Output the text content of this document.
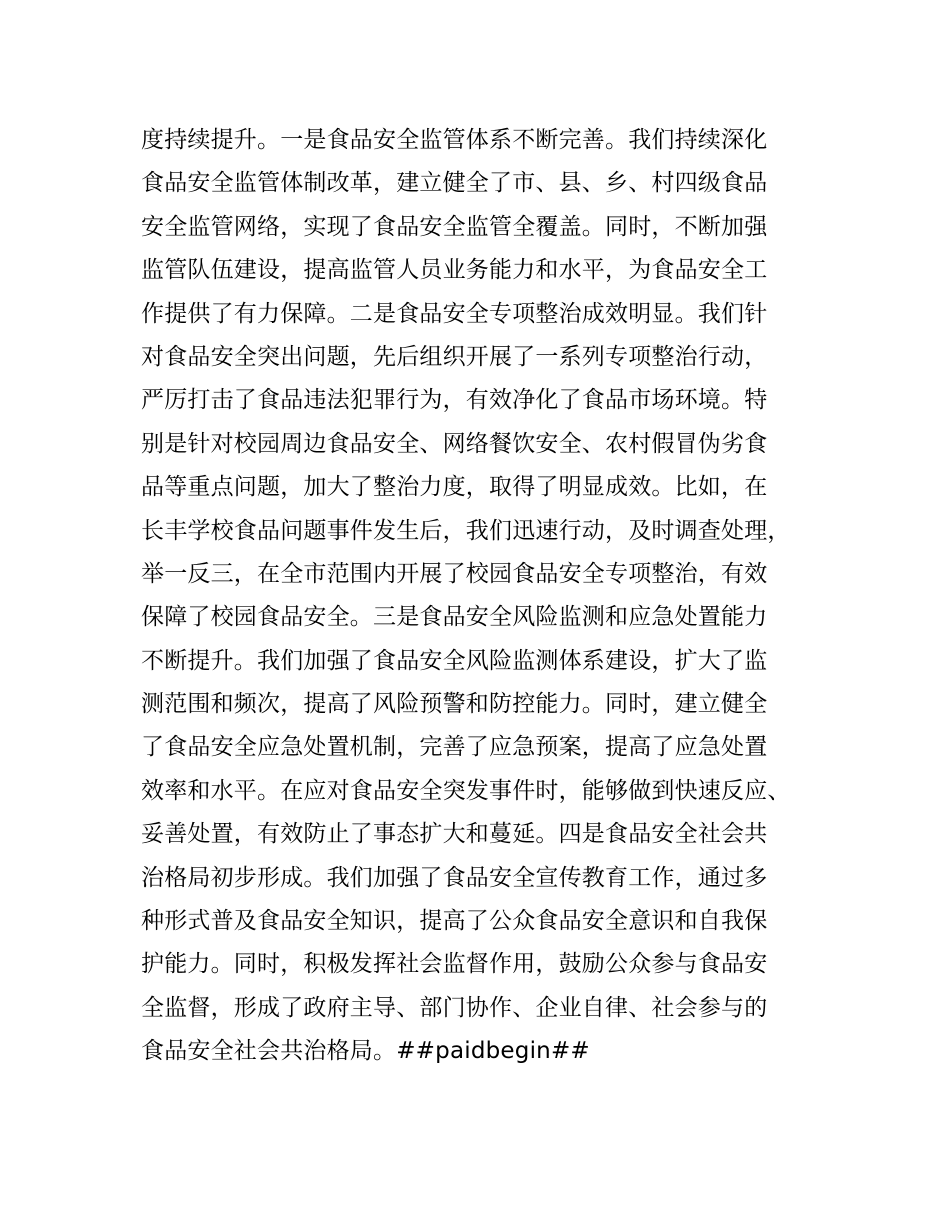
度持续提升。一是食品安全监管体系不断完善。我们持续深化
食品安全监管体制改革，建立健全了市、县、乡、村四级食品
安全监管网络，实现了食品安全监管全覆盖。同时，不断加强
监管队伍建设，提高监管人员业务能力和水平，为食品安全工
作提供了有力保障。二是食品安全专项整治成效明显。我们针
对食品安全突出问题，先后组织开展了一系列专项整治行动，
严厉打击了食品违法犯罪行为，有效净化了食品市场环境。特
别是针对校园周边食品安全、网络餐饮安全、农村假冒伪劣食
品等重点问题，加大了整治力度，取得了明显成效。比如，在
长丰学校食品问题事件发生后，我们迅速行动，及时调查处理，
举一反三，在全市范围内开展了校园食品安全专项整治，有效
保障了校园食品安全。三是食品安全风险监测和应急处置能力
不断提升。我们加强了食品安全风险监测体系建设，扩大了监
测范围和频次，提高了风险预警和防控能力。同时，建立健全
了食品安全应急处置机制，完善了应急预案，提高了应急处置
效率和水平。在应对食品安全突发事件时，能够做到快速反应、
妥善处置，有效防止了事态扩大和蔓延。四是食品安全社会共
治格局初步形成。我们加强了食品安全宣传教育工作，通过多
种形式普及食品安全知识，提高了公众食品安全意识和自我保
护能力。同时，积极发挥社会监督作用，鼓励公众参与食品安
全监督，形成了政府主导、部门协作、企业自律、社会参与的
食品安全社会共治格局。##paidbegin##
